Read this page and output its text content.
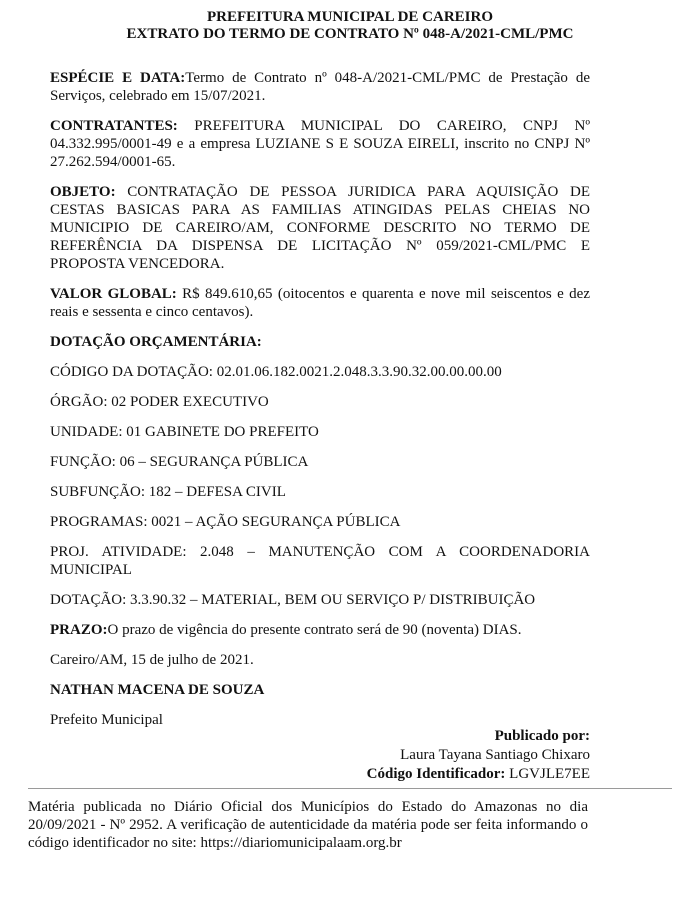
PREFEITURA MUNICIPAL DE CAREIRO
EXTRATO DO TERMO DE CONTRATO Nº 048-A/2021-CML/PMC

ESPÉCIE E DATA:Termo de Contrato nº 048-A/2021-CML/PMC de Prestação de Serviços, celebrado em 15/07/2021.

CONTRATANTES: PREFEITURA MUNICIPAL DO CAREIRO, CNPJ Nº 04.332.995/0001-49 e a empresa LUZIANE S E SOUZA EIRELI, inscrito no CNPJ Nº 27.262.594/0001-65.

OBJETO: CONTRATAÇÃO DE PESSOA JURIDICA PARA AQUISIÇÃO DE CESTAS BASICAS PARA AS FAMILIAS ATINGIDAS PELAS CHEIAS NO MUNICIPIO DE CAREIRO/AM, CONFORME DESCRITO NO TERMO DE REFERÊNCIA DA DISPENSA DE LICITAÇÃO Nº 059/2021-CML/PMC E PROPOSTA VENCEDORA.

VALOR GLOBAL: R$ 849.610,65 (oitocentos e quarenta e nove mil seiscentos e dez reais e sessenta e cinco centavos).

DOTAÇÃO ORÇAMENTÁRIA:

CÓDIGO DA DOTAÇÃO: 02.01.06.182.0021.2.048.3.3.90.32.00.00.00.00

ÓRGÃO: 02 PODER EXECUTIVO

UNIDADE: 01 GABINETE DO PREFEITO

FUNÇÃO: 06 – SEGURANÇA PÚBLICA

SUBFUNÇÃO: 182 – DEFESA CIVIL

PROGRAMAS: 0021 – AÇÃO SEGURANÇA PÚBLICA

PROJ. ATIVIDADE: 2.048 – MANUTENÇÃO COM A COORDENADORIA MUNICIPAL

DOTAÇÃO: 3.3.90.32 – MATERIAL, BEM OU SERVIÇO P/ DISTRIBUIÇÃO

PRAZO:O prazo de vigência do presente contrato será de 90 (noventa) DIAS.

Careiro/AM, 15 de julho de 2021.

NATHAN MACENA DE SOUZA

Prefeito Municipal

Publicado por:
Laura Tayana Santiago Chixaro
Código Identificador: LGVJLE7EE
Matéria publicada no Diário Oficial dos Municípios do Estado do Amazonas no dia 20/09/2021 - Nº 2952. A verificação de autenticidade da matéria pode ser feita informando o código identificador no site: https://diariomunicipalaam.org.br
